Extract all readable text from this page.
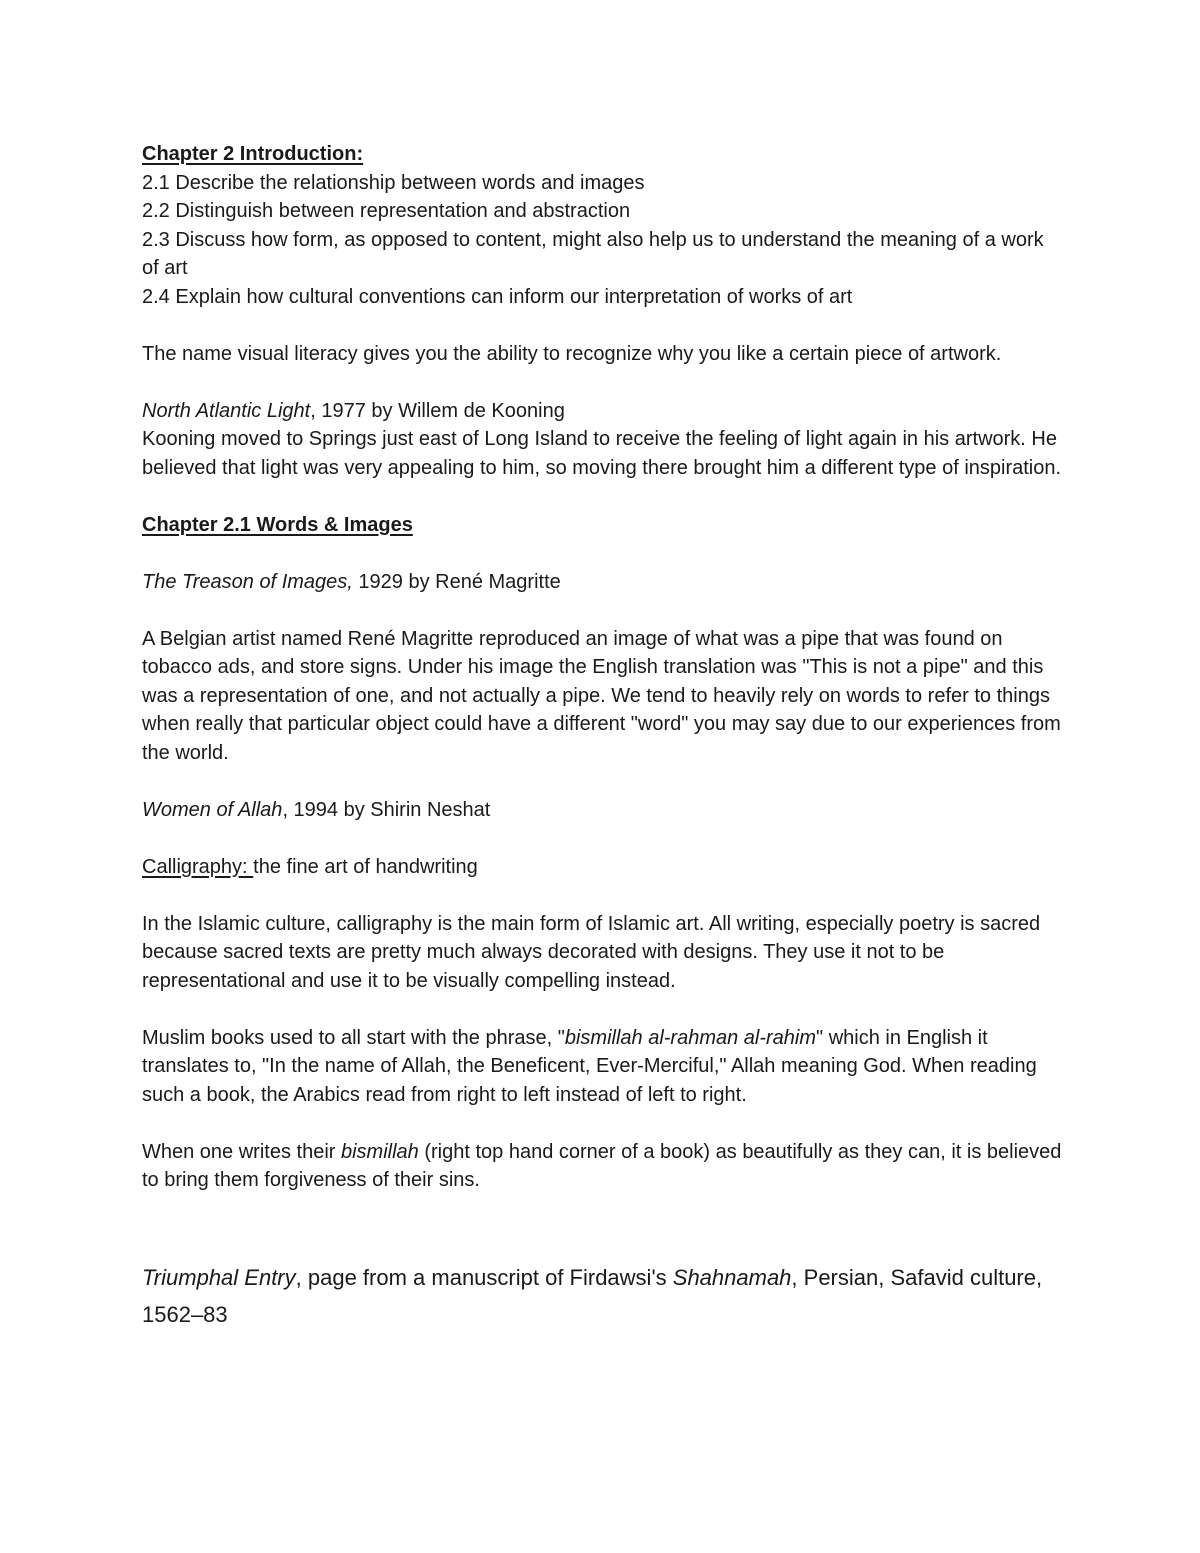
Chapter 2 Introduction:

2.1 Describe the relationship between words and images

2.2 Distinguish between representation and abstraction

2.3 Discuss how form, as opposed to content, might also help us to understand the meaning of a work of art

2.4 Explain how cultural conventions can inform our interpretation of works of art

The name visual literacy gives you the ability to recognize why you like a certain piece of artwork.

North Atlantic Light, 1977 by Willem de Kooning

Kooning moved to Springs just east of Long Island to receive the feeling of light again in his artwork. He believed that light was very appealing to him, so moving there brought him a different type of inspiration.

Chapter 2.1 Words & Images

The Treason of Images, 1929 by René Magritte

A Belgian artist named René Magritte reproduced an image of what was a pipe that was found on tobacco ads, and store signs. Under his image the English translation was "This is not a pipe" and this was a representation of one, and not actually a pipe. We tend to heavily rely on words to refer to things when really that particular object could have a different "word" you may say due to our experiences from the world.

Women of Allah, 1994 by Shirin Neshat

Calligraphy: the fine art of handwriting

In the Islamic culture, calligraphy is the main form of Islamic art. All writing, especially poetry is sacred because sacred texts are pretty much always decorated with designs. They use it not to be representational and use it to be visually compelling instead.

Muslim books used to all start with the phrase, "bismillah al-rahman al-rahim" which in English it translates to, "In the name of Allah, the Beneficent, Ever-Merciful," Allah meaning God. When reading such a book, the Arabics read from right to left instead of left to right.

When one writes their bismillah (right top hand corner of a book) as beautifully as they can, it is believed to bring them forgiveness of their sins.

Triumphal Entry, page from a manuscript of Firdawsi's Shahnamah, Persian, Safavid culture, 1562–83
